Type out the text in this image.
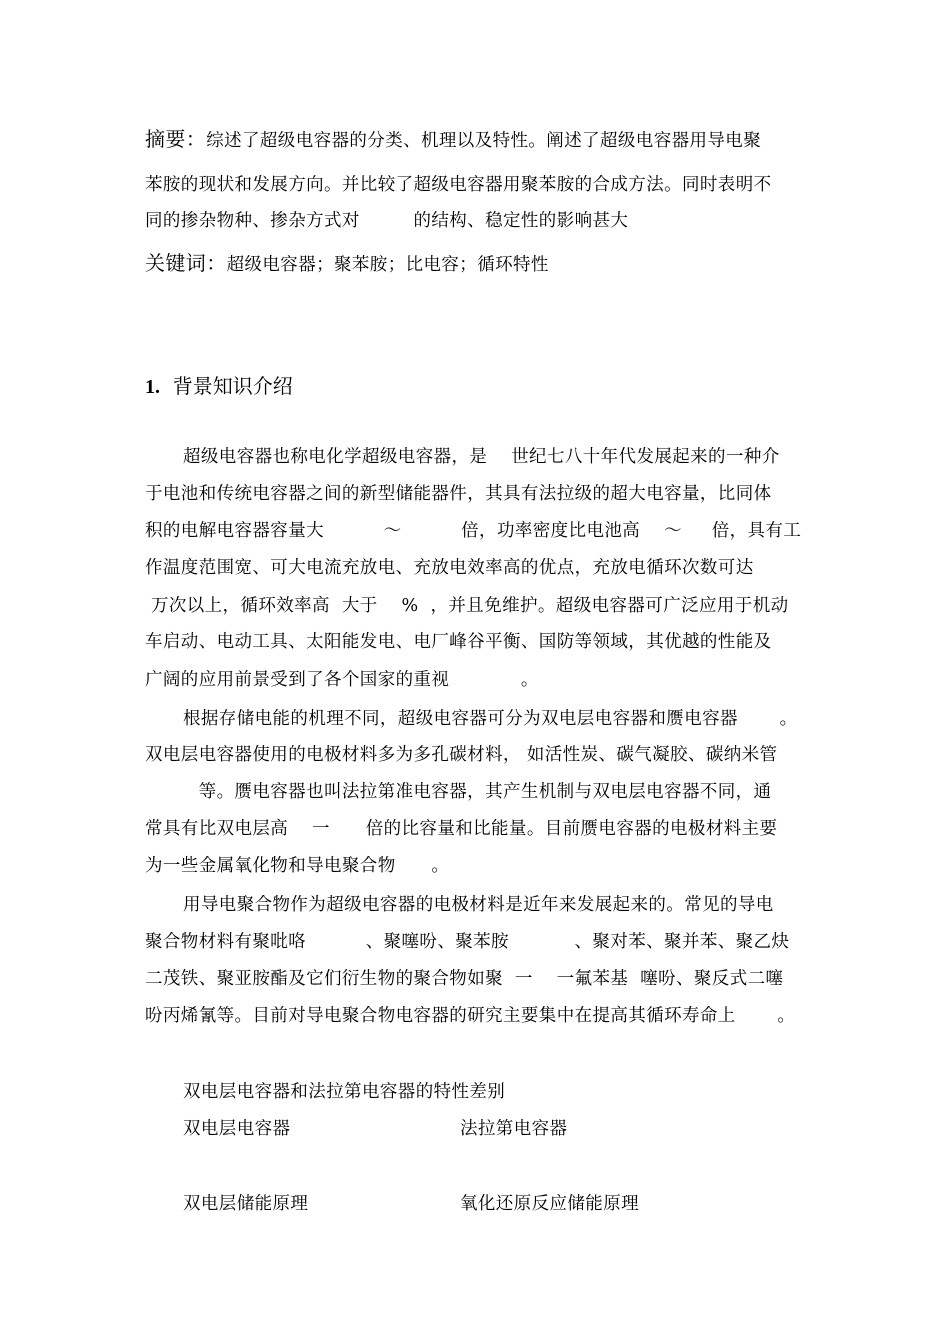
摘要：综述了超级电容器的分类、机理以及特性。阐述了超级电容器用导电聚
苯胺的现状和发展方向。并比较了超级电容器用聚苯胺的合成方法。同时表明不
同的掺杂物种、掺杂方式对         的结构、稳定性的影响甚大
关键词：超级电容器；聚苯胺；比电容；循环特性
1. 背景知识介绍
超级电容器也称电化学超级电容器，是    世纪七八十年代发展起来的一种介
于电池和传统电容器之间的新型储能器件，其具有法拉级的超大电容量，比同体
积的电解电容器容量大          ～          倍，功率密度比电池高    ～     倍，具有工
作温度范围宽、可大电流充放电、充放电效率高的优点，充放电循环次数可达
万次以上，循环效率高  大于    %  ，并且免维护。超级电容器可广泛应用于机动
车启动、电动工具、太阳能发电、电厂峰谷平衡、国防等领域，其优越的性能及
广阔的应用前景受到了各个国家的重视            。
根据存储电能的机理不同，超级电容器可分为双电层电容器和赝电容器       。
双电层电容器使用的电极材料多为多孔碳材料， 如活性炭、碳气凝胶、碳纳米管
等。赝电容器也叫法拉第准电容器，其产生机制与双电层电容器不同，通
常具有比双电层高    一      倍的比容量和比能量。目前赝电容器的电极材料主要
为一些金属氧化物和导电聚合物      。
用导电聚合物作为超级电容器的电极材料是近年来发展起来的。常见的导电
聚合物材料有聚吡咯          、聚噻吩、聚苯胺           、聚对苯、聚并苯、聚乙炔
二茂铁、聚亚胺酯及它们衍生物的聚合物如聚  一    一氟苯基  噻吩、聚反式二噻
吩丙烯氰等。目前对导电聚合物电容器的研究主要集中在提高其循环寿命上       。
双电层电容器和法拉第电容器的特性差别
双电层电容器	法拉第电容器
双电层储能原理	氧化还原反应储能原理
